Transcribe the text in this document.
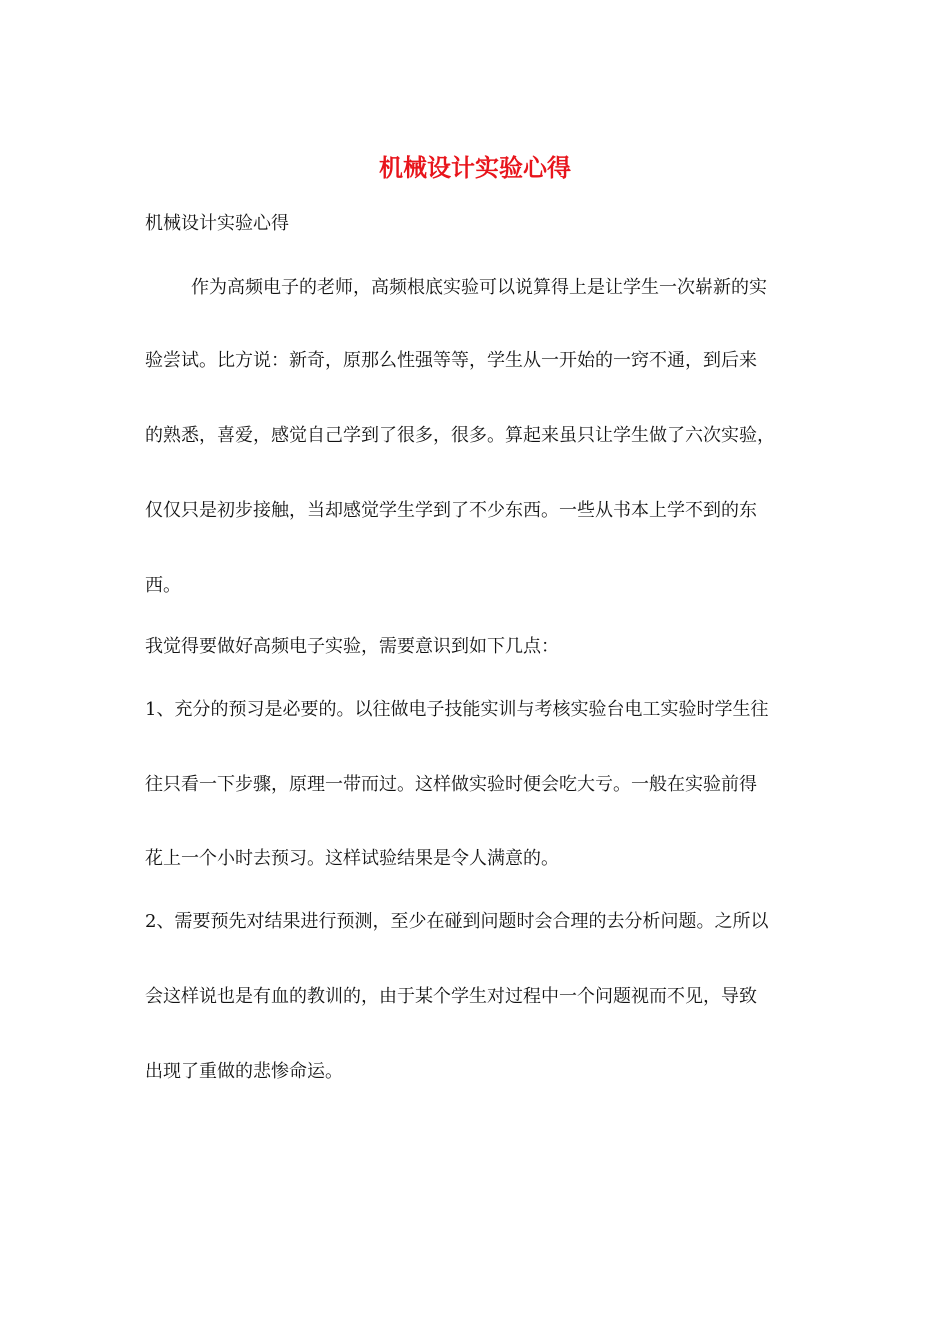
机械设计实验心得
机械设计实验心得
作为高频电子的老师，高频根底实验可以说算得上是让学生一次崭新的实
验尝试。比方说：新奇，原那么性强等等，学生从一开始的一窍不通，到后来
的熟悉，喜爱，感觉自己学到了很多，很多。算起来虽只让学生做了六次实验，
仅仅只是初步接触，当却感觉学生学到了不少东西。一些从书本上学不到的东
西。
我觉得要做好高频电子实验，需要意识到如下几点：
1、充分的预习是必要的。以往做电子技能实训与考核实验台电工实验时学生往
往只看一下步骤，原理一带而过。这样做实验时便会吃大亏。一般在实验前得
花上一个小时去预习。这样试验结果是令人满意的。
2、需要预先对结果进行预测，至少在碰到问题时会合理的去分析问题。之所以
会这样说也是有血的教训的，由于某个学生对过程中一个问题视而不见，导致
出现了重做的悲惨命运。
